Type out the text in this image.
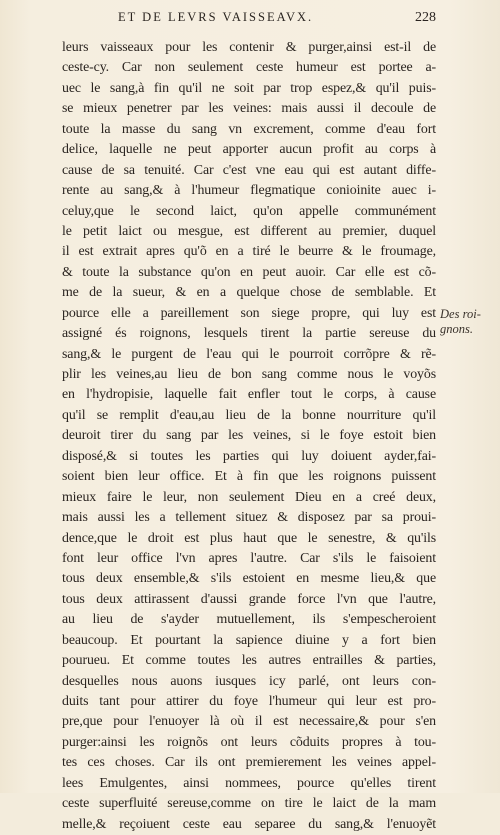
ET DE LEVRS VAISSEAVX.	228
leurs vaisseaux pour les contenir & purger,ainsi est-il de
ceste-cy. Car non seulement ceste humeur est portee a-
uec le sang,à fin qu'il ne soit par trop espez,& qu'il puis-
se mieux penetrer par les veines: mais aussi il decoule de
toute la masse du sang vn excrement, comme d'eau fort
delice, laquelle ne peut apporter aucun profit au corps à
cause de sa tenuité. Car c'est vne eau qui est autant diffe-
rente au sang,& à l'humeur flegmatique conioinite auec i-
celuy,que le second laict, qu'on appelle communément
le petit laict ou mesgue, est different au premier, duquel
il est extrait apres qu'õ en a tiré le beurre & le froumage,
& toute la substance qu'on en peut auoir. Car elle est cõ-
me de la sueur, & en a quelque chose de semblable. Et
pource elle a pareillement son siege propre, qui luy est
assigné és roignons, lesquels tirent la partie sereuse du
sang,& le purgent de l'eau qui le pourroit corrõpre & rẽ-
plir les veines,au lieu de bon sang comme nous le voyõs
en l'hydropisie, laquelle fait enfler tout le corps, à cause
qu'il se remplit d'eau,au lieu de la bonne nourriture qu'il
deuroit tirer du sang par les veines, si le foye estoit bien
disposé,& si toutes les parties qui luy doiuent ayder,fai-
soient bien leur office. Et à fin que les roignons puissent
mieux faire le leur, non seulement Dieu en a creé deux,
mais aussi les a tellement situez & disposez par sa proui-
dence,que le droit est plus haut que le senestre, & qu'ils
font leur office l'vn apres l'autre. Car s'ils le faisoient
tous deux ensemble,& s'ils estoient en mesme lieu,& que
tous deux attirassent d'aussi grande force l'vn que l'autre,
au lieu de s'ayder mutuellement, ils s'empescheroient
beaucoup. Et pourtant la sapience diuine y a fort bien
pourueu. Et comme toutes les autres entrailles & parties,
desquelles nous auons iusques icy parlé, ont leurs con-
duits tant pour attirer du foye l'humeur qui leur est pro-
pre,que pour l'enuoyer là où il est necessaire,& pour s'en
purger:ainsi les roignõs ont leurs cõduits propres à tou-
tes ces choses. Car ils ont premierement les veines appel-
lees Emulgentes, ainsi nommees, pource qu'elles tirent
ceste superfluité sereuse,comme on tire le laict de la mam
melle,& reçoiuent ceste eau separee du sang,& l'enuoyẽt
Des roi-
gnons.
